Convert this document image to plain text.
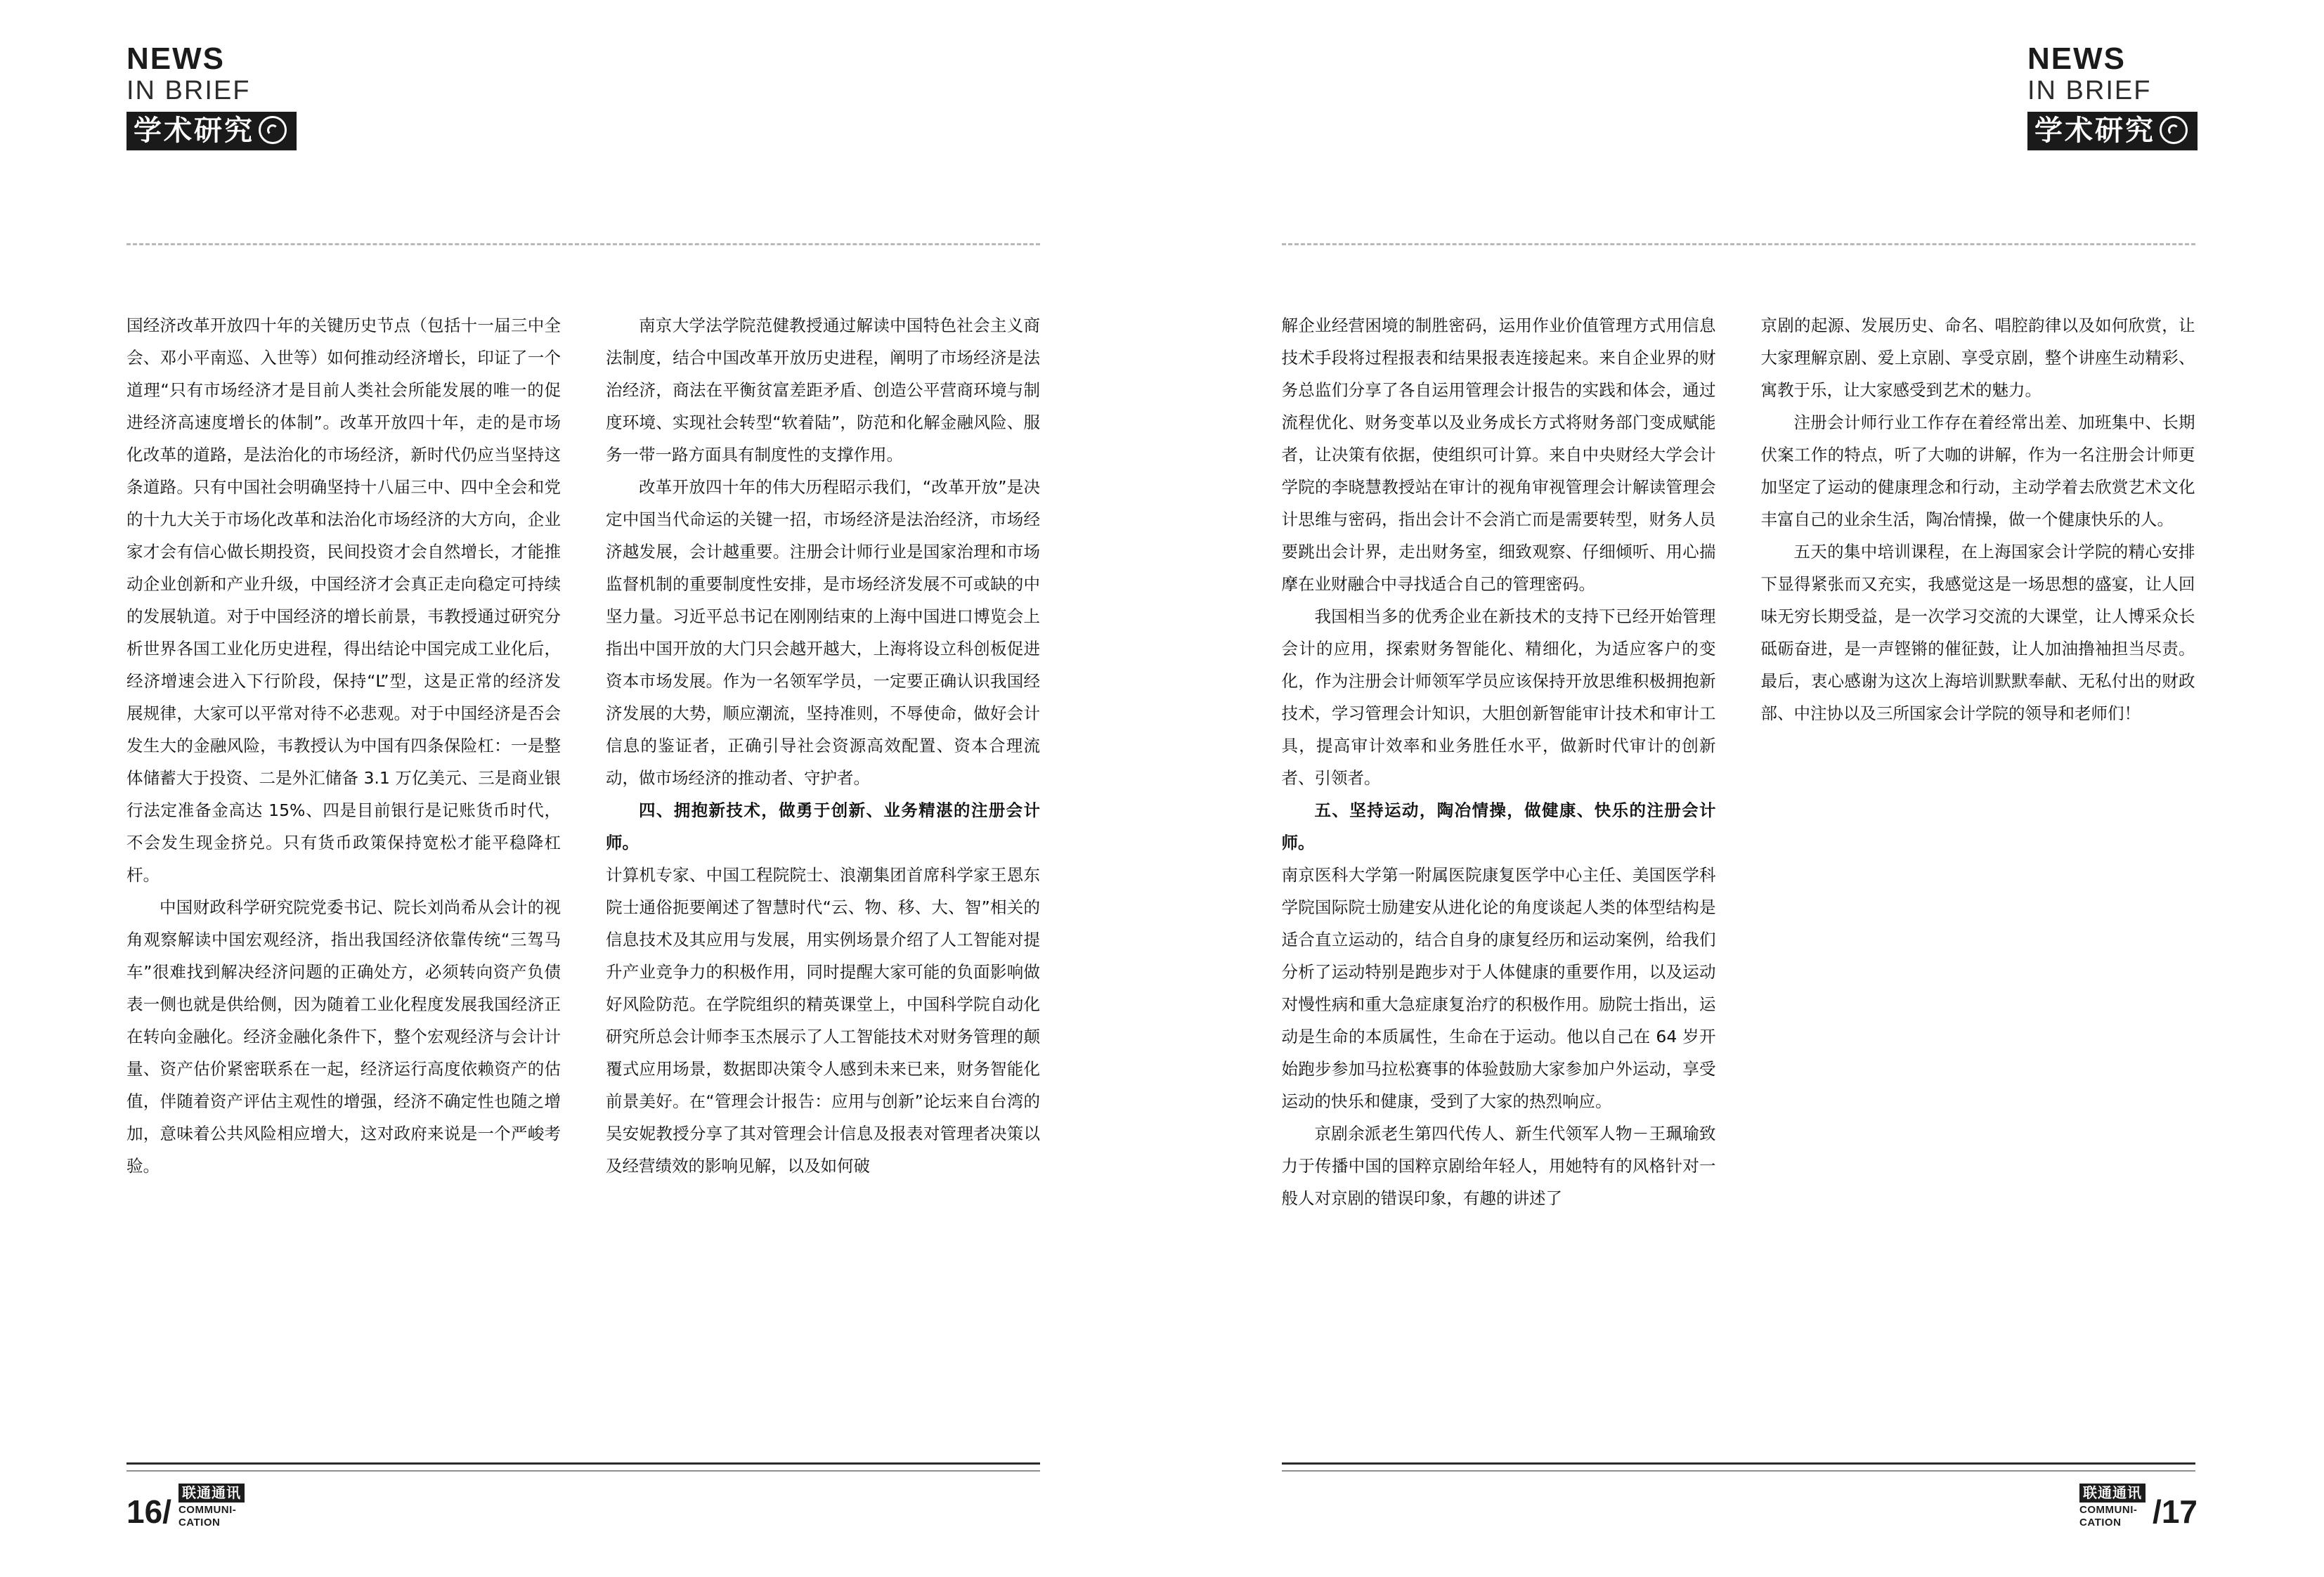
NEWS
IN BRIEF
学术研究

国经济改革开放四十年的关键历史节点（包括十一届三中全会、邓小平南巡、入世等）如何推动经济增长，印证了一个道理“只有市场经济才是目前人类社会所能发展的唯一的促进经济高速度增长的体制”。改革开放四十年，走的是市场化改革的道路，是法治化的市场经济，新时代仍应当坚持这条道路。只有中国社会明确坚持十八届三中、四中全会和党的十九大关于市场化改革和法治化市场经济的大方向，企业家才会有信心做长期投资，民间投资才会自然增长，才能推动企业创新和产业升级，中国经济才会真正走向稳定可持续的发展轨道。对于中国经济的增长前景，韦教授通过研究分析世界各国工业化历史进程，得出结论中国完成工业化后，经济增速会进入下行阶段，保持“L”型，这是正常的经济发展规律，大家可以平常对待不必悲观。对于中国经济是否会发生大的金融风险，韦教授认为中国有四条保险杠：一是整体储蓄大于投资、二是外汇储备 3.1 万亿美元、三是商业银行法定准备金高达 15%、四是目前银行是记账货币时代，不会发生现金挤兑。只有货币政策保持宽松才能平稳降杠杆。

中国财政科学研究院党委书记、院长刘尚希从会计的视角观察解读中国宏观经济，指出我国经济依靠传统“三驾马车”很难找到解决经济问题的正确处方，必须转向资产负债表一侧也就是供给侧，因为随着工业化程度发展我国经济正在转向金融化。经济金融化条件下，整个宏观经济与会计计量、资产估价紧密联系在一起，经济运行高度依赖资产的估值，伴随着资产评估主观性的增强，经济不确定性也随之增加，意味着公共风险相应增大，这对政府来说是一个严峻考验。

南京大学法学院范健教授通过解读中国特色社会主义商法制度，结合中国改革开放历史进程，阐明了市场经济是法治经济，商法在平衡贫富差距矛盾、创造公平营商环境与制度环境、实现社会转型“软着陆”，防范和化解金融风险、服务一带一路方面具有制度性的支撑作用。

改革开放四十年的伟大历程昭示我们，“改革开放”是决定中国当代命运的关键一招，市场经济是法治经济，市场经济越发展，会计越重要。注册会计师行业是国家治理和市场监督机制的重要制度性安排，是市场经济发展不可或缺的中坚力量。习近平总书记在刚刚结束的上海中国进口博览会上指出中国开放的大门只会越开越大，上海将设立科创板促进资本市场发展。作为一名领军学员，一定要正确认识我国经济发展的大势，顺应潮流，坚持准则，不辱使命，做好会计信息的鉴证者，正确引导社会资源高效配置、资本合理流动，做市场经济的推动者、守护者。

四、拥抱新技术，做勇于创新、业务精湛的注册会计师。

计算机专家、中国工程院院士、浪潮集团首席科学家王恩东院士通俗扼要阐述了智慧时代“云、物、移、大、智”相关的信息技术及其应用与发展，用实例场景介绍了人工智能对提升产业竞争力的积极作用，同时提醒大家可能的负面影响做好风险防范。在学院组织的精英课堂上，中国科学院自动化研究所总会计师李玉杰展示了人工智能技术对财务管理的颠覆式应用场景，数据即决策令人感到未来已来，财务智能化前景美好。在“管理会计报告：应用与创新”论坛来自台湾的吴安妮教授分享了其对管理会计信息及报表对管理者决策以及经营绩效的影响见解，以及如何破

16/
联通通讯
COMMUNI-
CATION
NEWS
IN BRIEF
学术研究

解企业经营困境的制胜密码，运用作业价值管理方式用信息技术手段将过程报表和结果报表连接起来。来自企业界的财务总监们分享了各自运用管理会计报告的实践和体会，通过流程优化、财务变革以及业务成长方式将财务部门变成赋能者，让决策有依据，使组织可计算。来自中央财经大学会计学院的李晓慧教授站在审计的视角审视管理会计解读管理会计思维与密码，指出会计不会消亡而是需要转型，财务人员要跳出会计界，走出财务室，细致观察、仔细倾听、用心揣摩在业财融合中寻找适合自己的管理密码。

我国相当多的优秀企业在新技术的支持下已经开始管理会计的应用，探索财务智能化、精细化，为适应客户的变化，作为注册会计师领军学员应该保持开放思维积极拥抱新技术，学习管理会计知识，大胆创新智能审计技术和审计工具，提高审计效率和业务胜任水平，做新时代审计的创新者、引领者。

五、坚持运动，陶冶情操，做健康、快乐的注册会计师。

南京医科大学第一附属医院康复医学中心主任、美国医学科学院国际院士励建安从进化论的角度谈起人类的体型结构是适合直立运动的，结合自身的康复经历和运动案例，给我们分析了运动特别是跑步对于人体健康的重要作用，以及运动对慢性病和重大急症康复治疗的积极作用。励院士指出，运动是生命的本质属性，生命在于运动。他以自己在 64 岁开始跑步参加马拉松赛事的体验鼓励大家参加户外运动，享受运动的快乐和健康，受到了大家的热烈响应。

京剧余派老生第四代传人、新生代领军人物－王珮瑜致力于传播中国的国粹京剧给年轻人，用她特有的风格针对一般人对京剧的错误印象，有趣的讲述了

京剧的起源、发展历史、命名、唱腔韵律以及如何欣赏，让大家理解京剧、爱上京剧、享受京剧，整个讲座生动精彩、寓教于乐，让大家感受到艺术的魅力。

注册会计师行业工作存在着经常出差、加班集中、长期伏案工作的特点，听了大咖的讲解，作为一名注册会计师更加坚定了运动的健康理念和行动，主动学着去欣赏艺术文化丰富自己的业余生活，陶冶情操，做一个健康快乐的人。

五天的集中培训课程，在上海国家会计学院的精心安排下显得紧张而又充实，我感觉这是一场思想的盛宴，让人回味无穷长期受益，是一次学习交流的大课堂，让人博采众长砥砺奋进，是一声铿锵的催征鼓，让人加油撸袖担当尽责。最后，衷心感谢为这次上海培训默默奉献、无私付出的财政部、中注协以及三所国家会计学院的领导和老师们！

联通通讯
COMMUNI-
CATION /17
